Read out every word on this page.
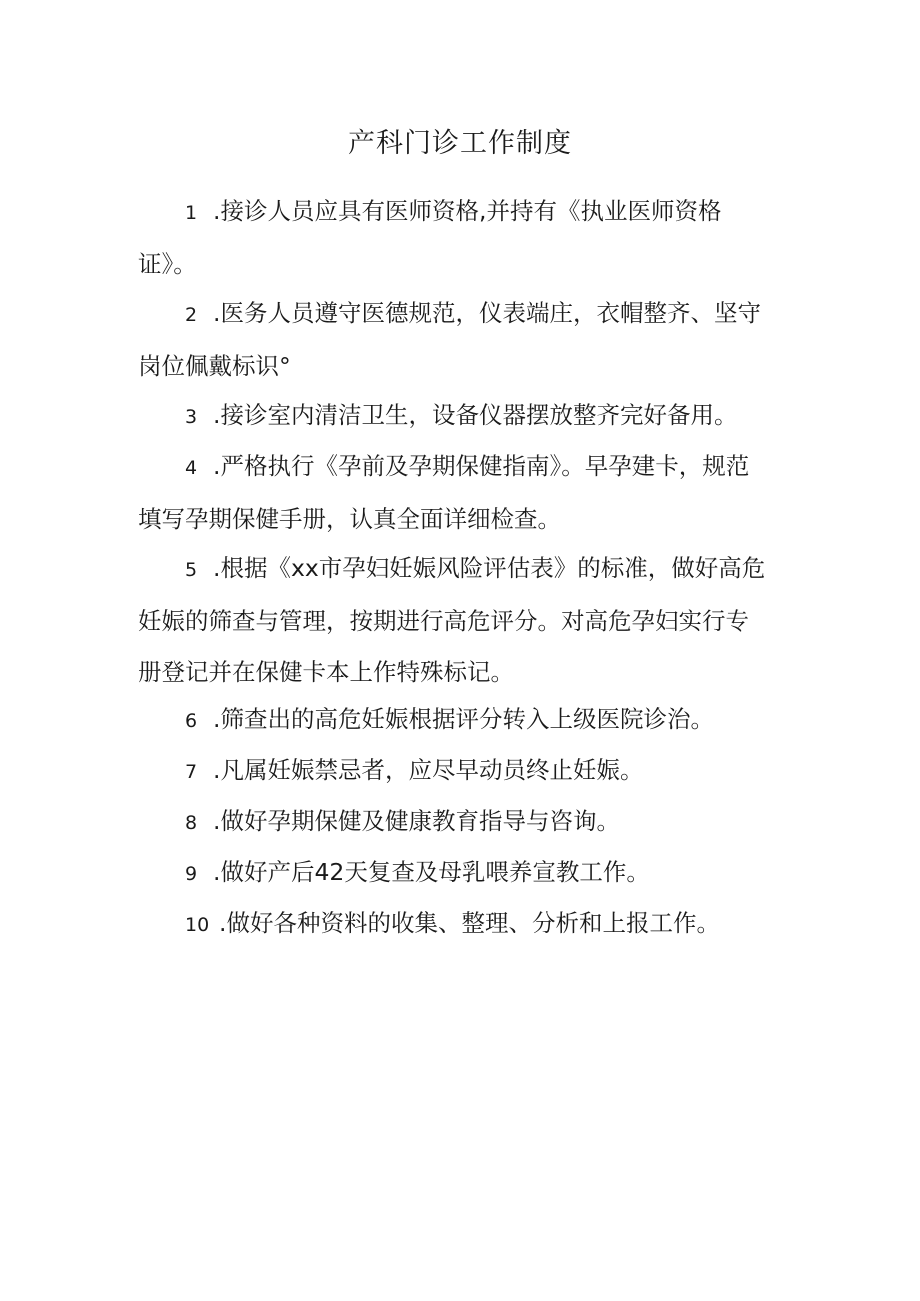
产科门诊工作制度
1 .接诊人员应具有医师资格,并持有《执业医师资格
证》。
2 .医务人员遵守医德规范，仪表端庄，衣帽整齐、坚守
岗位佩戴标识°
3 .接诊室内清洁卫生，设备仪器摆放整齐完好备用。
4 .严格执行《孕前及孕期保健指南》。早孕建卡，规范
填写孕期保健手册，认真全面详细检查。
5 .根据《xx市孕妇妊娠风险评估表》的标准，做好高危
妊娠的筛查与管理，按期进行高危评分。对高危孕妇实行专
册登记并在保健卡本上作特殊标记。
6 .筛查出的高危妊娠根据评分转入上级医院诊治。
7 .凡属妊娠禁忌者，应尽早动员终止妊娠。
8 .做好孕期保健及健康教育指导与咨询。
9 .做好产后42天复查及母乳喂养宣教工作。
10 .做好各种资料的收集、整理、分析和上报工作。
